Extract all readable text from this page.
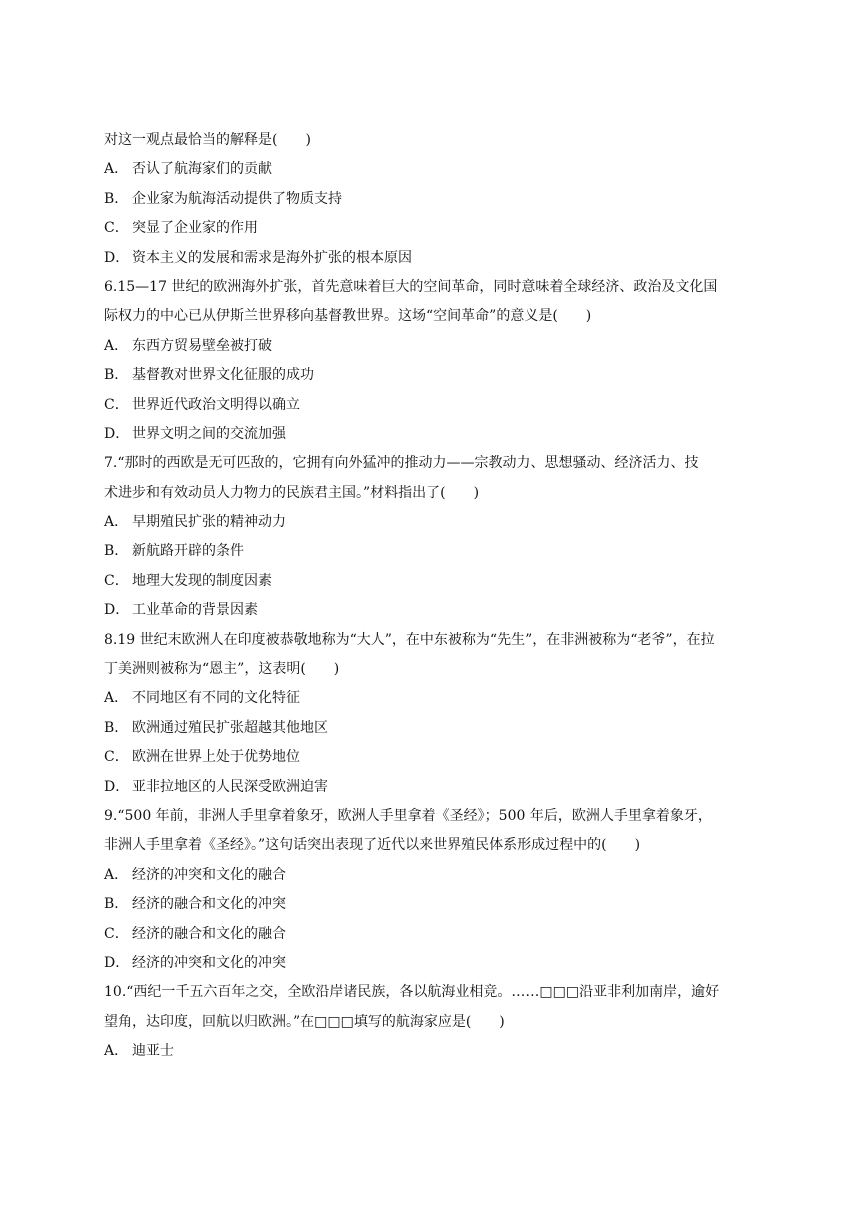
对这一观点最恰当的解释是(　　)

A． 否认了航海家们的贡献
B． 企业家为航海活动提供了物质支持
C． 突显了企业家的作用
D． 资本主义的发展和需求是海外扩张的根本原因
6.15—17 世纪的欧洲海外扩张，首先意味着巨大的空间革命，同时意味着全球经济、政治及文化国
际权力的中心已从伊斯兰世界移向基督教世界。这场“空间革命”的意义是(　　)
A． 东西方贸易壁垒被打破
B． 基督教对世界文化征服的成功
C． 世界近代政治文明得以确立
D． 世界文明之间的交流加强
7.“那时的西欧是无可匹敌的，它拥有向外猛冲的推动力——宗教动力、思想骚动、经济活力、技
术进步和有效动员人力物力的民族君主国。”材料指出了(　　)
A． 早期殖民扩张的精神动力
B． 新航路开辟的条件
C． 地理大发现的制度因素
D． 工业革命的背景因素
8.19 世纪末欧洲人在印度被恭敬地称为“大人”，在中东被称为“先生”，在非洲被称为“老爷”，在拉
丁美洲则被称为“恩主”，这表明(　　)
A． 不同地区有不同的文化特征
B． 欧洲通过殖民扩张超越其他地区
C． 欧洲在世界上处于优势地位
D． 亚非拉地区的人民深受欧洲迫害
9.“500 年前，非洲人手里拿着象牙，欧洲人手里拿着《圣经》；500 年后，欧洲人手里拿着象牙，
非洲人手里拿着《圣经》。”这句话突出表现了近代以来世界殖民体系形成过程中的(　　)
A． 经济的冲突和文化的融合
B． 经济的融合和文化的冲突
C． 经济的融合和文化的融合
D． 经济的冲突和文化的冲突
10.“西纪一千五六百年之交，全欧沿岸诸民族，各以航海业相竞。……□□□沿亚非利加南岸，逾好
望角，达印度，回航以归欧洲。”在□□□填写的航海家应是(　　)
A． 迪亚士
